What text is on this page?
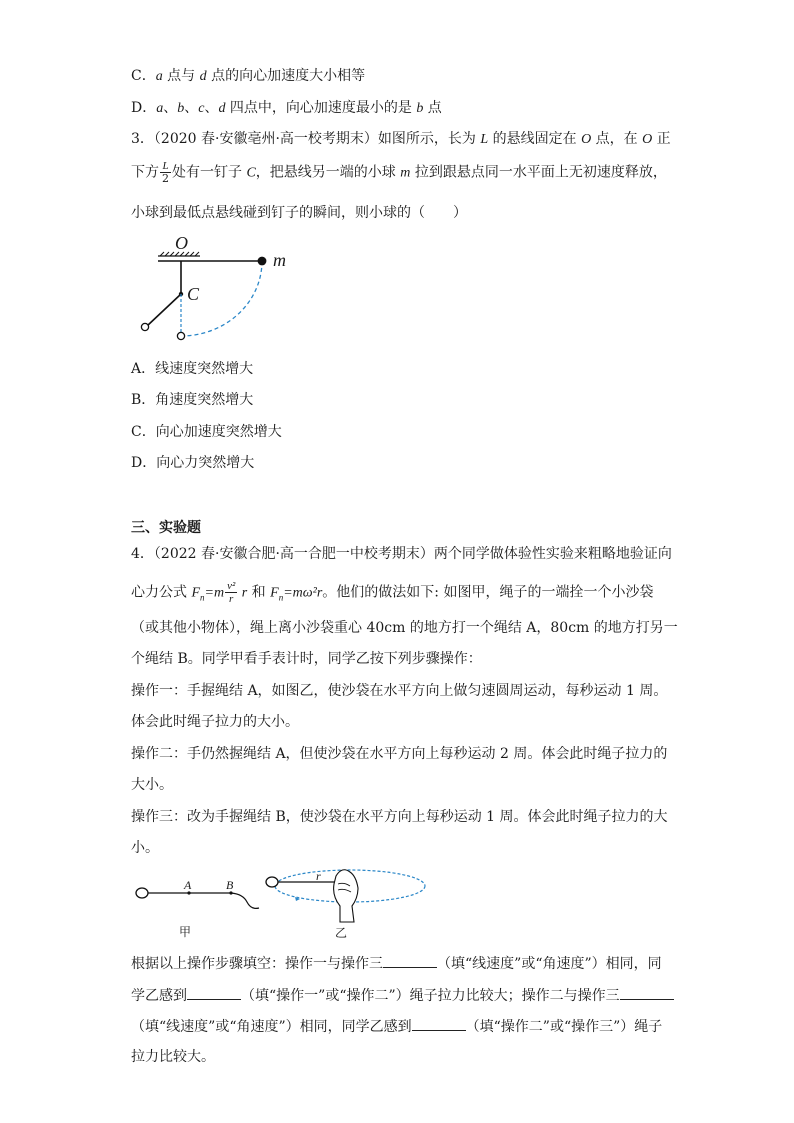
C．a 点与 d 点的向心加速度大小相等
D．a、b、c、d 四点中，向心加速度最小的是 b 点
3．（2020 春·安徽亳州·高一校考期末）如图所示，长为 L 的悬线固定在 O 点，在 O 正
下方 $\frac{L}{2}$ 处有一钉子 C，把悬线另一端的小球 m 拉到跟悬点同一水平面上无初速度释放，
小球到最低点悬线碰到钉子的瞬间，则小球的（　　）
O
C
m
A．线速度突然增大
B．角速度突然增大
C．向心加速度突然增大
D．向心力突然增大
三、实验题
4．（2022 春·安徽合肥·高一合肥一中校考期末）两个同学做体验性实验来粗略地验证向
心力公式 $F_n=m \frac{\text{v²}}{r}$ r 和 $F_n=m\omega^2r$。他们的做法如下: 如图甲，绳子的一端拴一个小沙袋
（或其他小物体），绳上离小沙袋重心 40cm 的地方打一个绳结 A，80cm 的地方打另一
个绳结 B。同学甲看手表计时，同学乙按下列步骤操作：
操作一：手握绳结 A，如图乙，使沙袋在水平方向上做匀速圆周运动，每秒运动 1 周。
体会此时绳子拉力的大小。
操作二：手仍然握绳结 A，但使沙袋在水平方向上每秒运动 2 周。体会此时绳子拉力的
大小。
操作三：改为手握绳结 B，使沙袋在水平方向上每秒运动 1 周。体会此时绳子拉力的大
小。
A	B
甲
r
乙
根据以上操作步骤填空：操作一与操作三	（填“线速度”或“角速度”）相同，同
学乙感到	（填“操作一”或“操作二”）绳子拉力比较大；操作二与操作三
（填“线速度”或“角速度”）相同，同学乙感到	（填“操作二”或“操作三”）绳子
拉力比较大。
